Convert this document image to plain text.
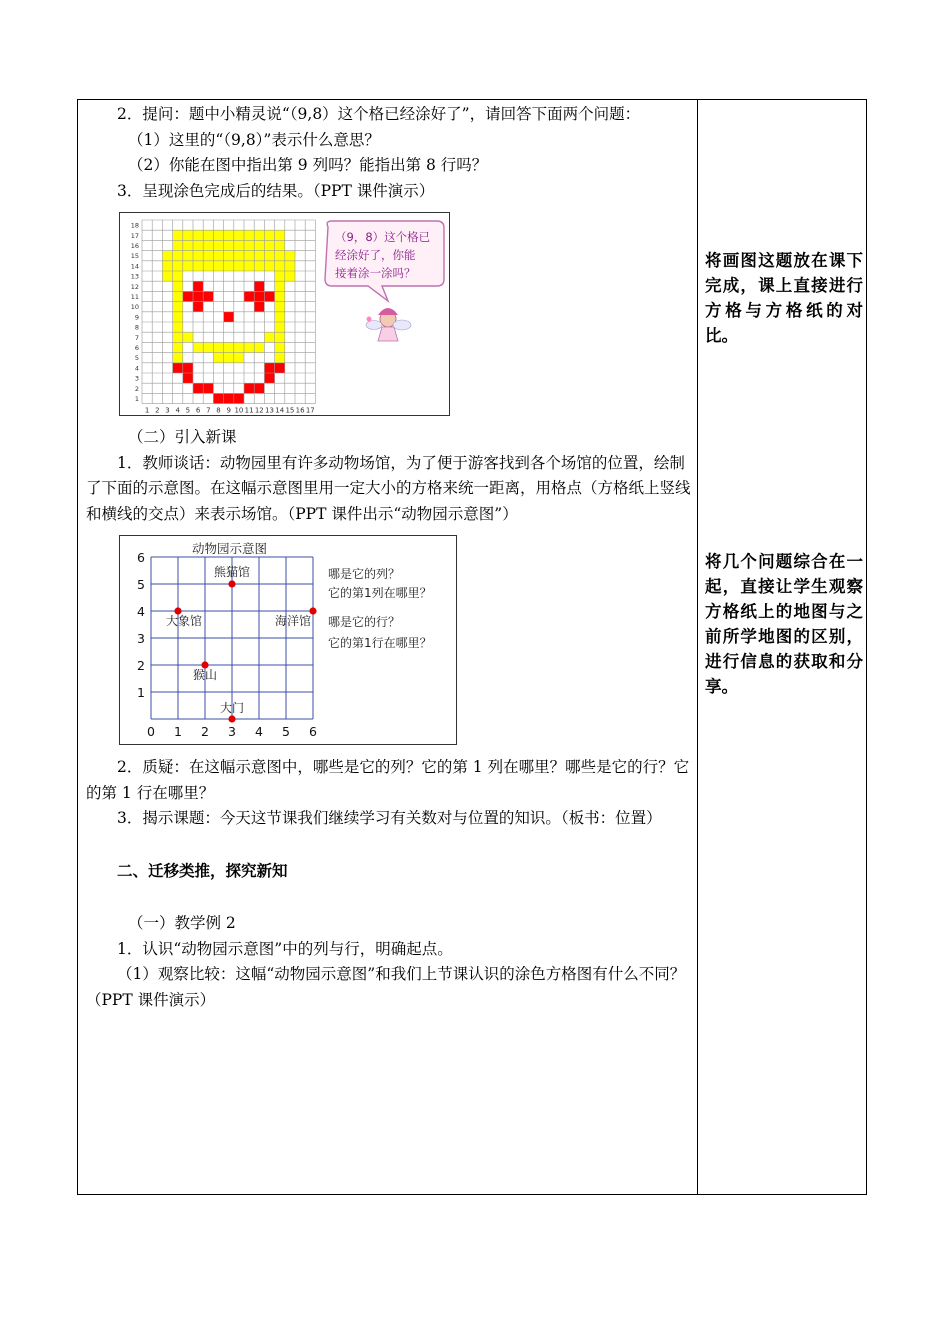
2．提问：题中小精灵说“（9,8）这个格已经涂好了”，请回答下面两个问题：

（1）这里的“（9,8）”表示什么意思？

（2）你能在图中指出第 9 列吗？能指出第 8 行吗？

3．呈现涂色完成后的结果。（PPT 课件演示）

1 2 3 4 5 6 7 8 9 10 11 12 13 14 15 16 17
1
2
3
4
5
6
7
8
9
10
11
12
13
14
15
16
17
18
（9，8）这个格已
经涂好了，你能
接着涂一涂吗？

（二）引入新课

1．教师谈话：动物园里有许多动物场馆，为了便于游客找到各个场馆的位置，绘制了下面的示意图。在这幅示意图里用一定大小的方格来统一距离，用格点（方格纸上竖线和横线的交点）来表示场馆。（PPT 课件出示“动物园示意图”）

动物园示意图
0 1 2 3 4 5 6
1
2
3
4
5
6
熊猫馆
大象馆	海洋馆
猴山
大门
哪是它的列？
它的第1列在哪里？
哪是它的行？
它的第1行在哪里？

2．质疑：在这幅示意图中，哪些是它的列？它的第 1 列在哪里？哪些是它的行？它的第 1 行在哪里？

3．揭示课题：今天这节课我们继续学习有关数对与位置的知识。（板书：位置）

二、迁移类推，探究新知

（一）教学例 2

1．认识“动物园示意图”中的列与行，明确起点。

（1）观察比较：这幅“动物园示意图”和我们上节课认识的涂色方格图有什么不同？（PPT 课件演示）

将画图这题放在课下完成，课上直接进行方格与方格纸的对比。
将几个问题综合在一起，直接让学生观察方格纸上的地图与之前所学地图的区别，进行信息的获取和分享。
